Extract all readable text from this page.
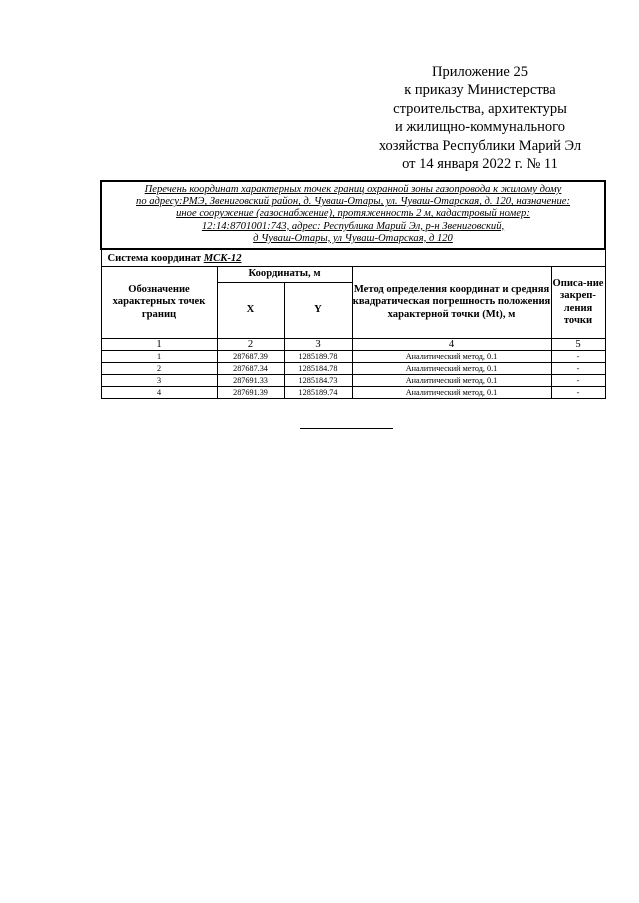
Приложение 25
к приказу Министерства
строительства, архитектуры
и жилищно-коммунального
хозяйства Республики Марий Эл
от 14 января 2022 г. № 11
Перечень координат характерных точек границ охранной зоны газопровода к жилому дому
по адресу:РМЭ, Звениговский район, д. Чуваш-Отары, ул. Чуваш-Отарская, д. 120, назначение:
иное сооружение (газоснабжение), протяженность 2 м, кадастровый номер:
12:14:8701001:743, адрес: Республика Марий Эл, р-н Звениговский,
д Чуваш-Отары, ул Чуваш-Отарская, д 120				

Система координат МСК-12				
Обозначение характерных точек границ	Координаты, м		Метод определения координат и средняя квадратическая погрешность положения характерной точки (Mt), м	Описа-ние закреп-ления точки
	X	Y		
1	2	3	4	5
1	287687.39	1285189.78	Аналитический метод, 0.1	-
2	287687.34	1285184.78	Аналитический метод, 0.1	-
3	287691.33	1285184.73	Аналитический метод, 0.1	-
4	287691.39	1285189.74	Аналитический метод, 0.1	-
